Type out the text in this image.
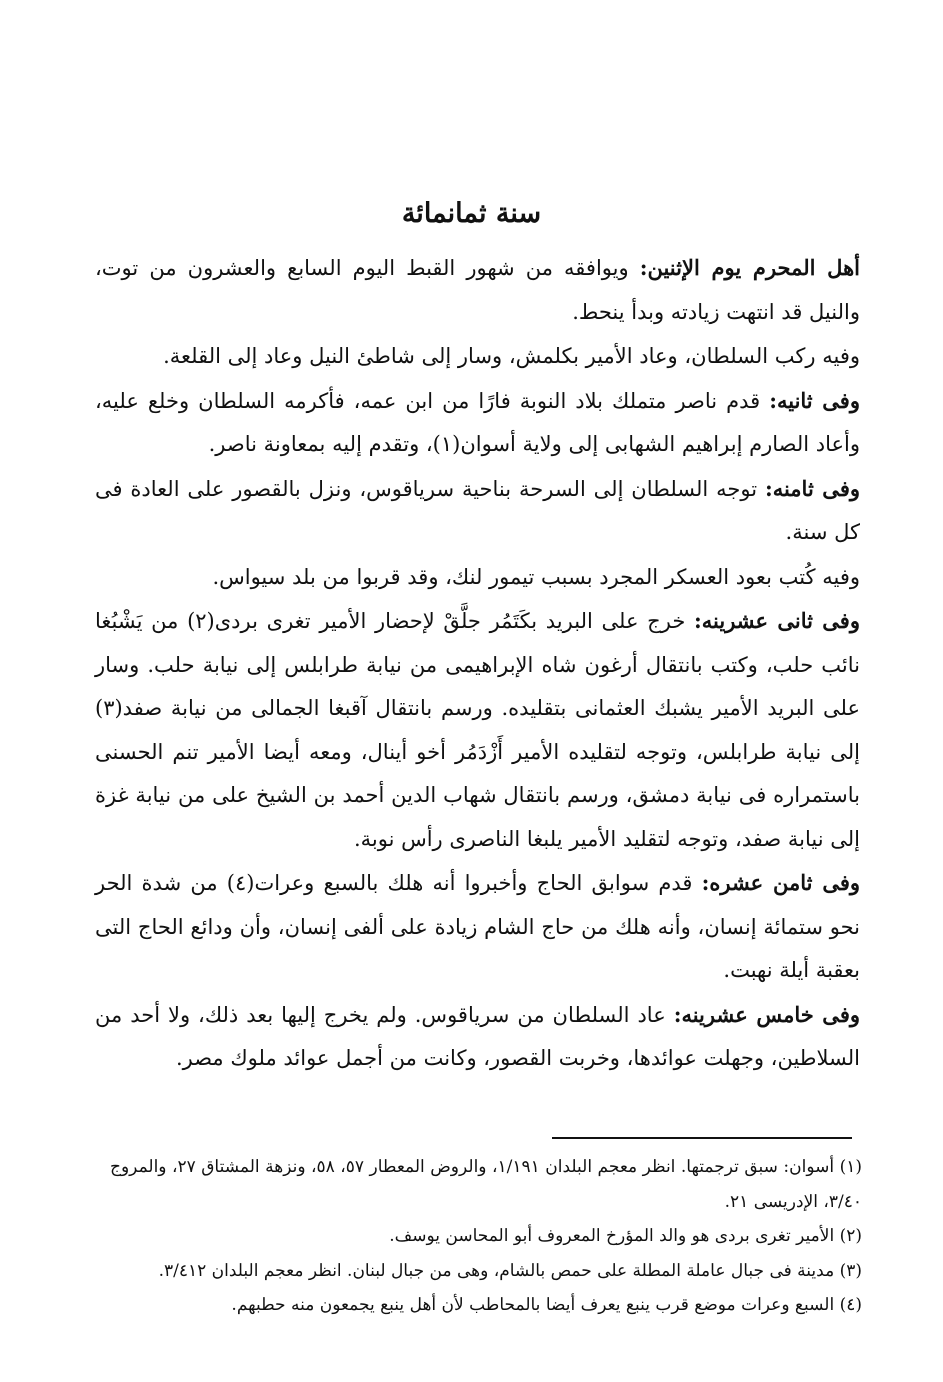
سنة ثمانمائة

أهل المحرم يوم الإثنين: ويوافقه من شهور القبط اليوم السابع والعشرون من توت، والنيل قد انتهت زيادته وبدأ ينحط.

وفيه ركب السلطان، وعاد الأمير بكلمش، وسار إلى شاطئ النيل وعاد إلى القلعة.

وفى ثانيه: قدم ناصر متملك بلاد النوبة فارًا من ابن عمه، فأكرمه السلطان وخلع عليه، وأعاد الصارم إبراهيم الشهابى إلى ولاية أسوان(١)، وتقدم إليه بمعاونة ناصر.

وفى ثامنه: توجه السلطان إلى السرحة بناحية سرياقوس، ونزل بالقصور على العادة فى كل سنة.

وفيه كُتب بعود العسكر المجرد بسبب تيمور لنك، وقد قربوا من بلد سيواس.

وفى ثانى عشرينه: خرج على البريد بكَتَمُر جلَّقْ لإحضار الأمير تغرى بردى(٢) من يَشْبُغا نائب حلب، وكتب بانتقال أرغون شاه الإبراهيمى من نيابة طرابلس إلى نيابة حلب. وسار على البريد الأمير يشبك العثمانى بتقليده. ورسم بانتقال آقبغا الجمالى من نيابة صفد(٣) إلى نيابة طرابلس، وتوجه لتقليده الأمير أَزْدَمُر أخو أينال، ومعه أيضا الأمير تنم الحسنى باستمراره فى نيابة دمشق، ورسم بانتقال شهاب الدين أحمد بن الشيخ على من نيابة غزة إلى نيابة صفد، وتوجه لتقليد الأمير يلبغا الناصرى رأس نوبة.

وفى ثامن عشره: قدم سوابق الحاج وأخبروا أنه هلك بالسبع وعرات(٤) من شدة الحر نحو ستمائة إنسان، وأنه هلك من حاج الشام زيادة على ألفى إنسان، وأن ودائع الحاج التى بعقبة أيلة نهبت.

وفى خامس عشرينه: عاد السلطان من سرياقوس. ولم يخرج إليها بعد ذلك، ولا أحد من السلاطين، وجهلت عوائدها، وخربت القصور، وكانت من أجمل عوائد ملوك مصر.

(١) أسوان: سبق ترجمتها. انظر معجم البلدان ١/١٩١، والروض المعطار ٥٧، ٥٨، ونزهة المشتاق ٢٧، والمروج ٣/٤٠، الإدريسى ٢١.

(٢) الأمير تغرى بردى هو والد المؤرخ المعروف أبو المحاسن يوسف.

(٣) مدينة فى جبال عاملة المطلة على حمص بالشام، وهى من جبال لبنان. انظر معجم البلدان ٣/٤١٢.

(٤) السبع وعرات موضع قرب ينبع يعرف أيضا بالمحاطب لأن أهل ينبع يجمعون منه حطبهم.
